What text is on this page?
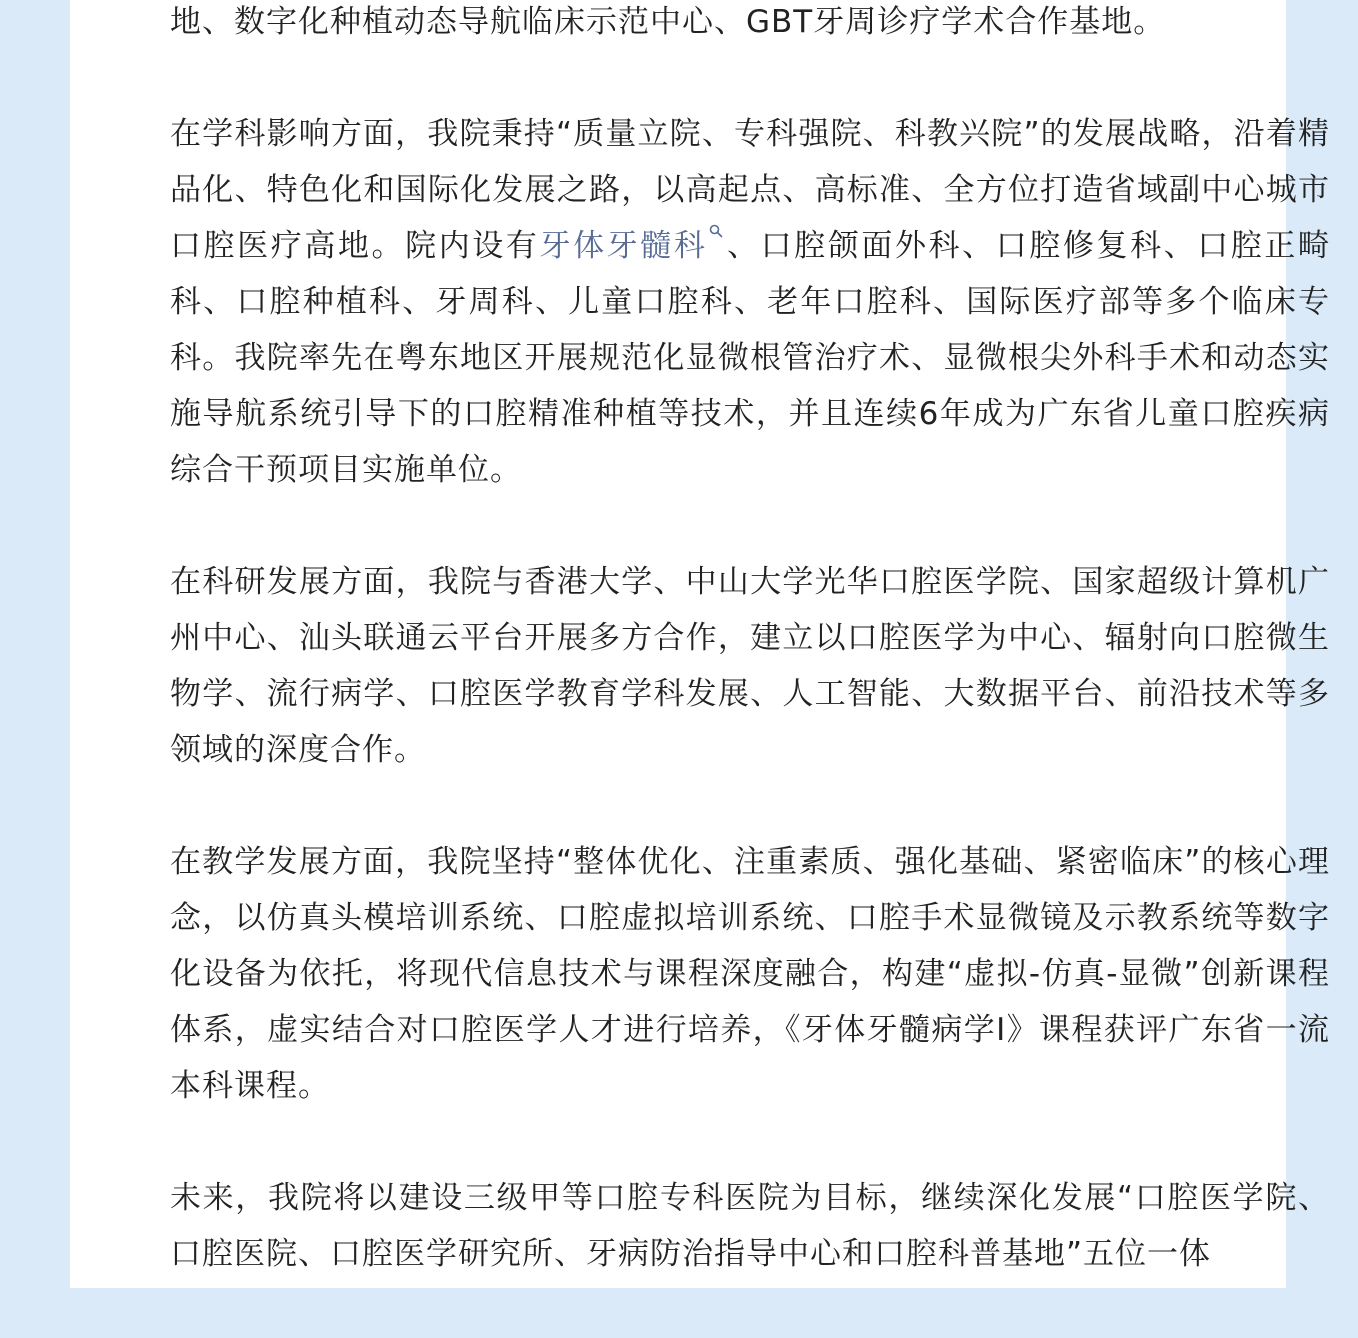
地、数字化种植动态导航临床示范中心、GBT牙周诊疗学术合作基地。

在学科影响方面，我院秉持“质量立院、专科强院、科教兴院”的发展战略，沿着精品化、特色化和国际化发展之路，以高起点、高标准、全方位打造省域副中心城市口腔医疗高地。院内设有牙体牙髓科 、口腔颌面外科、口腔修复科、口腔正畸科、口腔种植科、牙周科、儿童口腔科、老年口腔科、国际医疗部等多个临床专科。我院率先在粤东地区开展规范化显微根管治疗术、显微根尖外科手术和动态实施导航系统引导下的口腔精准种植等技术，并且连续6年成为广东省儿童口腔疾病综合干预项目实施单位。

在科研发展方面，我院与香港大学、中山大学光华口腔医学院、国家超级计算机广州中心、汕头联通云平台开展多方合作，建立以口腔医学为中心、辐射向口腔微生物学、流行病学、口腔医学教育学科发展、人工智能、大数据平台、前沿技术等多领域的深度合作。

在教学发展方面，我院坚持“整体优化、注重素质、强化基础、紧密临床”的核心理念，以仿真头模培训系统、口腔虚拟培训系统、口腔手术显微镜及示教系统等数字化设备为依托，将现代信息技术与课程深度融合，构建“虚拟-仿真-显微”创新课程体系，虚实结合对口腔医学人才进行培养，《牙体牙髓病学Ⅰ》课程获评广东省一流本科课程。

未来，我院将以建设三级甲等口腔专科医院为目标，继续深化发展“口腔医学院、口腔医院、口腔医学研究所、牙病防治指导中心和口腔科普基地”五位一体
